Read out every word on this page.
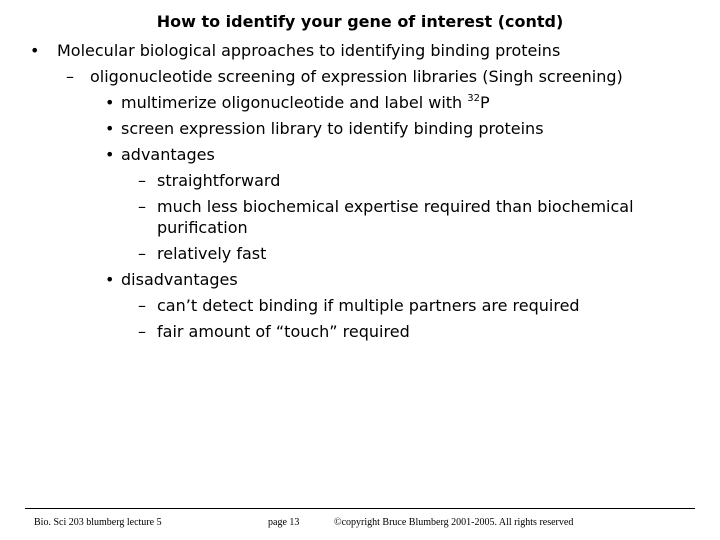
How to identify your gene of interest (contd)
• Molecular biological approaches to identifying binding proteins
– oligonucleotide screening of expression libraries (Singh screening)
• multimerize oligonucleotide and label with $^{32}$P
• screen expression library to identify binding proteins
• advantages
– straightforward
– much less biochemical expertise required than biochemical
purification
– relatively fast
• disadvantages
– can’t detect binding if multiple partners are required
– fair amount of “touch” required
Bio. Sci 203 blumberg lecture 5	page 13	©copyright Bruce Blumberg 2001-2005. All rights reserved
